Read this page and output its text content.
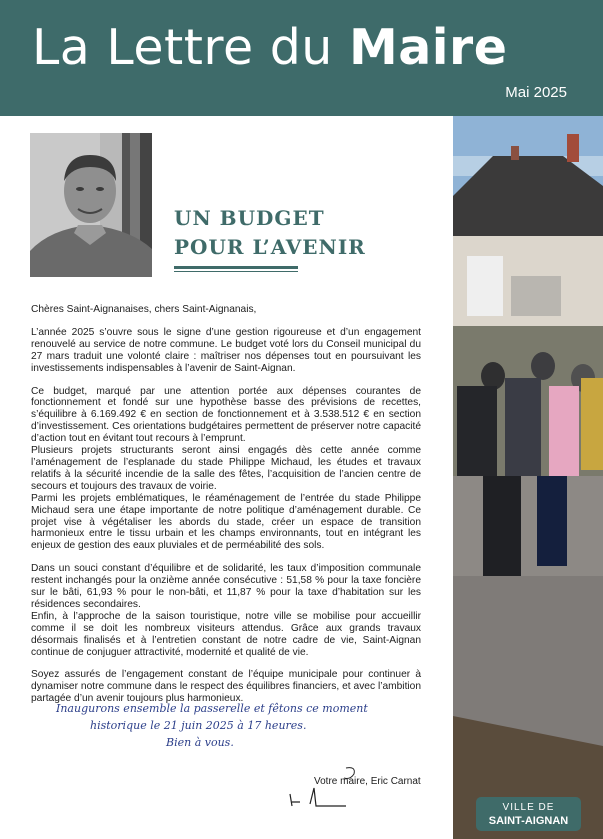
La Lettre du Maire
Mai 2025
UN BUDGET
POUR L’AVENIR

Chères Saint-Aignanaises, chers Saint-Aignanais,

L’année 2025 s’ouvre sous le signe d’une gestion rigoureuse et d’un engagement renouvelé au service de notre commune. Le budget voté lors du Conseil municipal du 27 mars traduit une volonté claire : maîtriser nos dépenses tout en poursuivant les investissements indispensables à l’avenir de Saint-Aignan.

Ce budget, marqué par une attention portée aux dépenses courantes de fonctionnement et fondé sur une hypothèse basse des prévisions de recettes, s’équilibre à 6.169.492 € en section de fonctionnement et à 3.538.512 € en section d’investissement. Ces orientations budgétaires permettent de préserver notre capacité d’action tout en évitant tout recours à l’emprunt.

Plusieurs projets structurants seront ainsi engagés dès cette année comme l’aménagement de l’esplanade du stade Philippe Michaud, les études et travaux relatifs à la sécurité incendie de la salle des fêtes, l’acquisition de l’ancien centre de secours et toujours des travaux de voirie.

Parmi les projets emblématiques, le réaménagement de l’entrée du stade Philippe Michaud sera une étape importante de notre politique d’aménagement durable. Ce projet vise à végétaliser les abords du stade, créer un espace de transition harmonieux entre le tissu urbain et les champs environnants, tout en intégrant les enjeux de gestion des eaux pluviales et de perméabilité des sols.

Dans un souci constant d’équilibre et de solidarité, les taux d’imposition communale restent inchangés pour la onzième année consécutive : 51,58 % pour la taxe foncière sur le bâti, 61,93 % pour le non-bâti, et 11,87 % pour la taxe d’habitation sur les résidences secondaires.

Enfin, à l’approche de la saison touristique, notre ville se mobilise pour accueillir comme il se doit les nombreux visiteurs attendus. Grâce aux grands travaux désormais finalisés et à l’entretien constant de notre cadre de vie, Saint-Aignan continue de conjuguer attractivité, modernité et qualité de vie.

Soyez assurés de l’engagement constant de l’équipe municipale pour continuer à dynamiser notre commune dans le respect des équilibres financiers, et avec l’ambition partagée d’un avenir toujours plus harmonieux.

Inaugurons ensemble la passerelle et fêtons ce moment
historique le 21 juin 2025 à 17 heures.
Bien à vous.
Votre maire, Eric Carnat
VILLE DE
SAINT-AIGNAN
